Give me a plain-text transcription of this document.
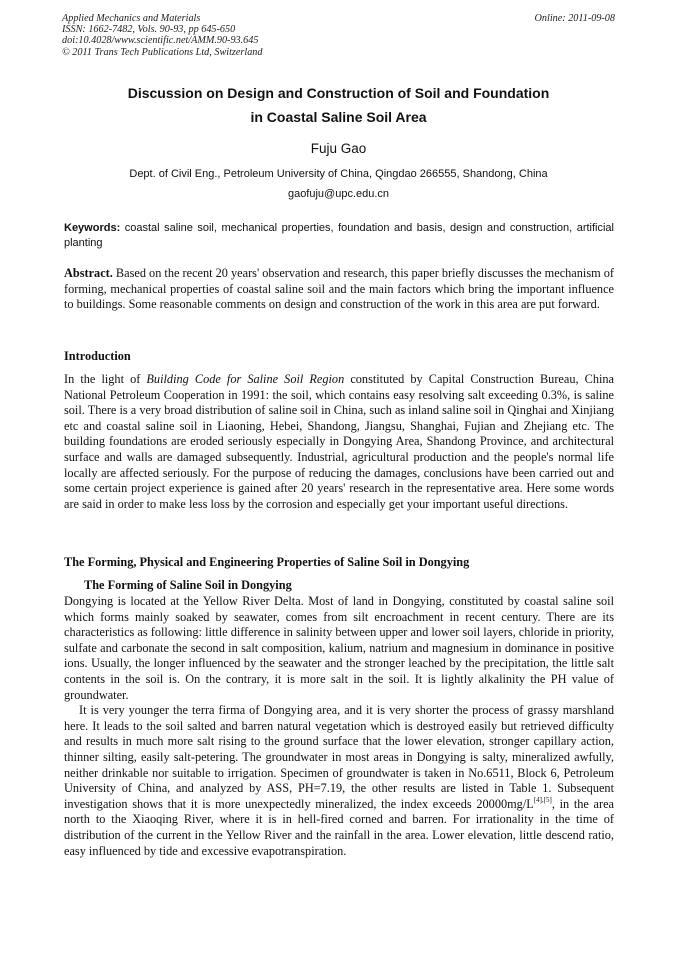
Applied Mechanics and Materials
ISSN: 1662-7482, Vols. 90-93, pp 645-650
doi:10.4028/www.scientific.net/AMM.90-93.645
© 2011 Trans Tech Publications Ltd, Switzerland
Online: 2011-09-08
Discussion on Design and Construction of Soil and Foundation
in Coastal Saline Soil Area
Fuju Gao
Dept. of Civil Eng., Petroleum University of China, Qingdao 266555, Shandong, China
gaofuju@upc.edu.cn
Keywords: coastal saline soil, mechanical properties, foundation and basis, design and construction, artificial planting
Abstract. Based on the recent 20 years' observation and research, this paper briefly discusses the mechanism of forming, mechanical properties of coastal saline soil and the main factors which bring the important influence to buildings. Some reasonable comments on design and construction of the work in this area are put forward.
Introduction
In the light of Building Code for Saline Soil Region constituted by Capital Construction Bureau, China National Petroleum Cooperation in 1991: the soil, which contains easy resolving salt exceeding 0.3%, is saline soil. There is a very broad distribution of saline soil in China, such as inland saline soil in Qinghai and Xinjiang etc and coastal saline soil in Liaoning, Hebei, Shandong, Jiangsu, Shanghai, Fujian and Zhejiang etc. The building foundations are eroded seriously especially in Dongying Area, Shandong Province, and architectural surface and walls are damaged subsequently. Industrial, agricultural production and the people's normal life locally are affected seriously. For the purpose of reducing the damages, conclusions have been carried out and some certain project experience is gained after 20 years' research in the representative area. Here some words are said in order to make less loss by the corrosion and especially get your important useful directions.
The Forming, Physical and Engineering Properties of Saline Soil in Dongying
The Forming of Saline Soil in Dongying

Dongying is located at the Yellow River Delta. Most of land in Dongying, constituted by coastal saline soil which forms mainly soaked by seawater, comes from silt encroachment in recent century. There are its characteristics as following: little difference in salinity between upper and lower soil layers, chloride in priority, sulfate and carbonate the second in salt composition, kalium, natrium and magnesium in dominance in positive ions. Usually, the longer influenced by the seawater and the stronger leached by the precipitation, the little salt contents in the soil is. On the contrary, it is more salt in the soil. It is lightly alkalinity the PH value of groundwater.

It is very younger the terra firma of Dongying area, and it is very shorter the process of grassy marshland here. It leads to the soil salted and barren natural vegetation which is destroyed easily but retrieved difficulty and results in much more salt rising to the ground surface that the lower elevation, stronger capillary action, thinner silting, easily salt-petering. The groundwater in most areas in Dongying is salty, mineralized awfully, neither drinkable nor suitable to irrigation. Specimen of groundwater is taken in No.6511, Block 6, Petroleum University of China, and analyzed by ASS, PH=7.19, the other results are listed in Table 1. Subsequent investigation shows that it is more unexpectedly mineralized, the index exceeds 20000mg/L[4],[5], in the area north to the Xiaoqing River, where it is in hell-fired corned and barren. For irrationality in the time of distribution of the current in the Yellow River and the rainfall in the area. Lower elevation, little descend ratio, easy influenced by tide and excessive evapotranspiration.
